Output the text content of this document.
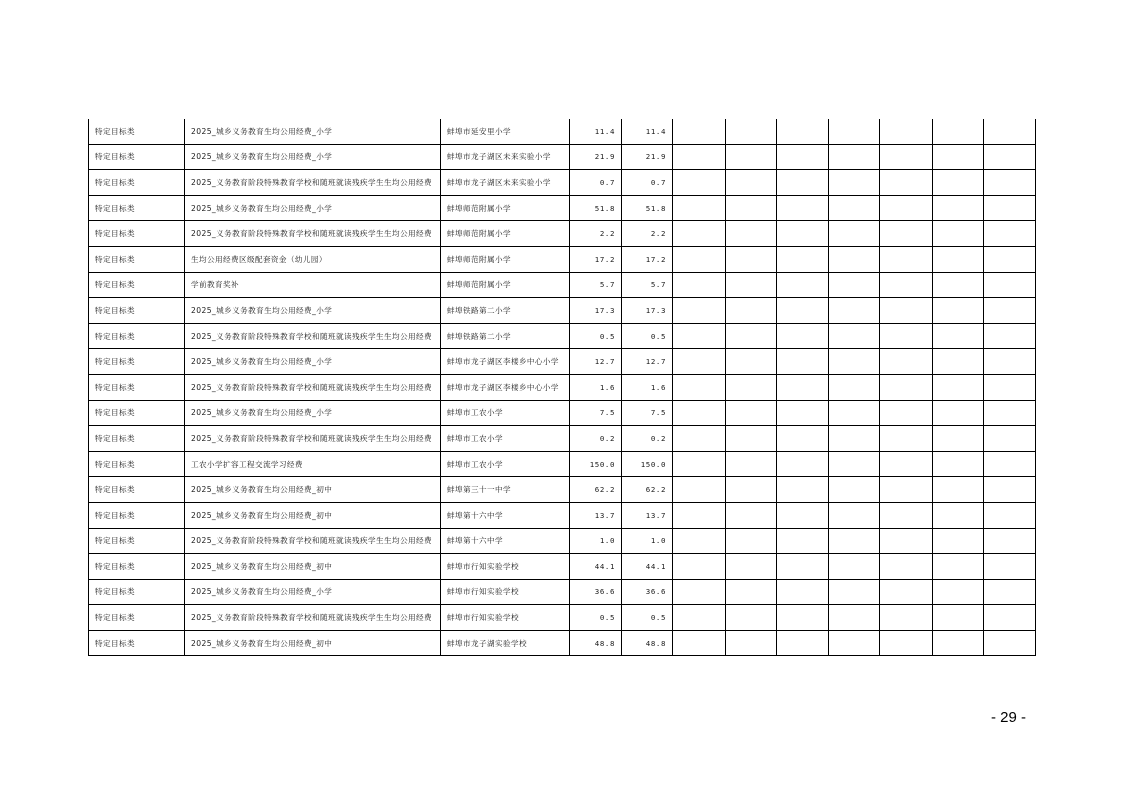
特定目标类	2025_城乡义务教育生均公用经费_小学	蚌埠市延安里小学	11.4	11.4							
特定目标类	2025_城乡义务教育生均公用经费_小学	蚌埠市龙子湖区未来实验小学	21.9	21.9							
特定目标类	2025_义务教育阶段特殊教育学校和随班就读残疾学生生均公用经费	蚌埠市龙子湖区未来实验小学	0.7	0.7							
特定目标类	2025_城乡义务教育生均公用经费_小学	蚌埠师范附属小学	51.8	51.8							
特定目标类	2025_义务教育阶段特殊教育学校和随班就读残疾学生生均公用经费	蚌埠师范附属小学	2.2	2.2							
特定目标类	生均公用经费区级配套资金（幼儿园）	蚌埠师范附属小学	17.2	17.2							
特定目标类	学前教育奖补	蚌埠师范附属小学	5.7	5.7							
特定目标类	2025_城乡义务教育生均公用经费_小学	蚌埠铁路第二小学	17.3	17.3							
特定目标类	2025_义务教育阶段特殊教育学校和随班就读残疾学生生均公用经费	蚌埠铁路第二小学	0.5	0.5							
特定目标类	2025_城乡义务教育生均公用经费_小学	蚌埠市龙子湖区李楼乡中心小学	12.7	12.7							
特定目标类	2025_义务教育阶段特殊教育学校和随班就读残疾学生生均公用经费	蚌埠市龙子湖区李楼乡中心小学	1.6	1.6							
特定目标类	2025_城乡义务教育生均公用经费_小学	蚌埠市工农小学	7.5	7.5							
特定目标类	2025_义务教育阶段特殊教育学校和随班就读残疾学生生均公用经费	蚌埠市工农小学	0.2	0.2							
特定目标类	工农小学扩容工程交流学习经费	蚌埠市工农小学	150.0	150.0							
特定目标类	2025_城乡义务教育生均公用经费_初中	蚌埠第三十一中学	62.2	62.2							
特定目标类	2025_城乡义务教育生均公用经费_初中	蚌埠第十六中学	13.7	13.7							
特定目标类	2025_义务教育阶段特殊教育学校和随班就读残疾学生生均公用经费	蚌埠第十六中学	1.0	1.0							
特定目标类	2025_城乡义务教育生均公用经费_初中	蚌埠市行知实验学校	44.1	44.1							
特定目标类	2025_城乡义务教育生均公用经费_小学	蚌埠市行知实验学校	36.6	36.6							
特定目标类	2025_义务教育阶段特殊教育学校和随班就读残疾学生生均公用经费	蚌埠市行知实验学校	0.5	0.5							
特定目标类	2025_城乡义务教育生均公用经费_初中	蚌埠市龙子湖实验学校	48.8	48.8							
- 29 -
